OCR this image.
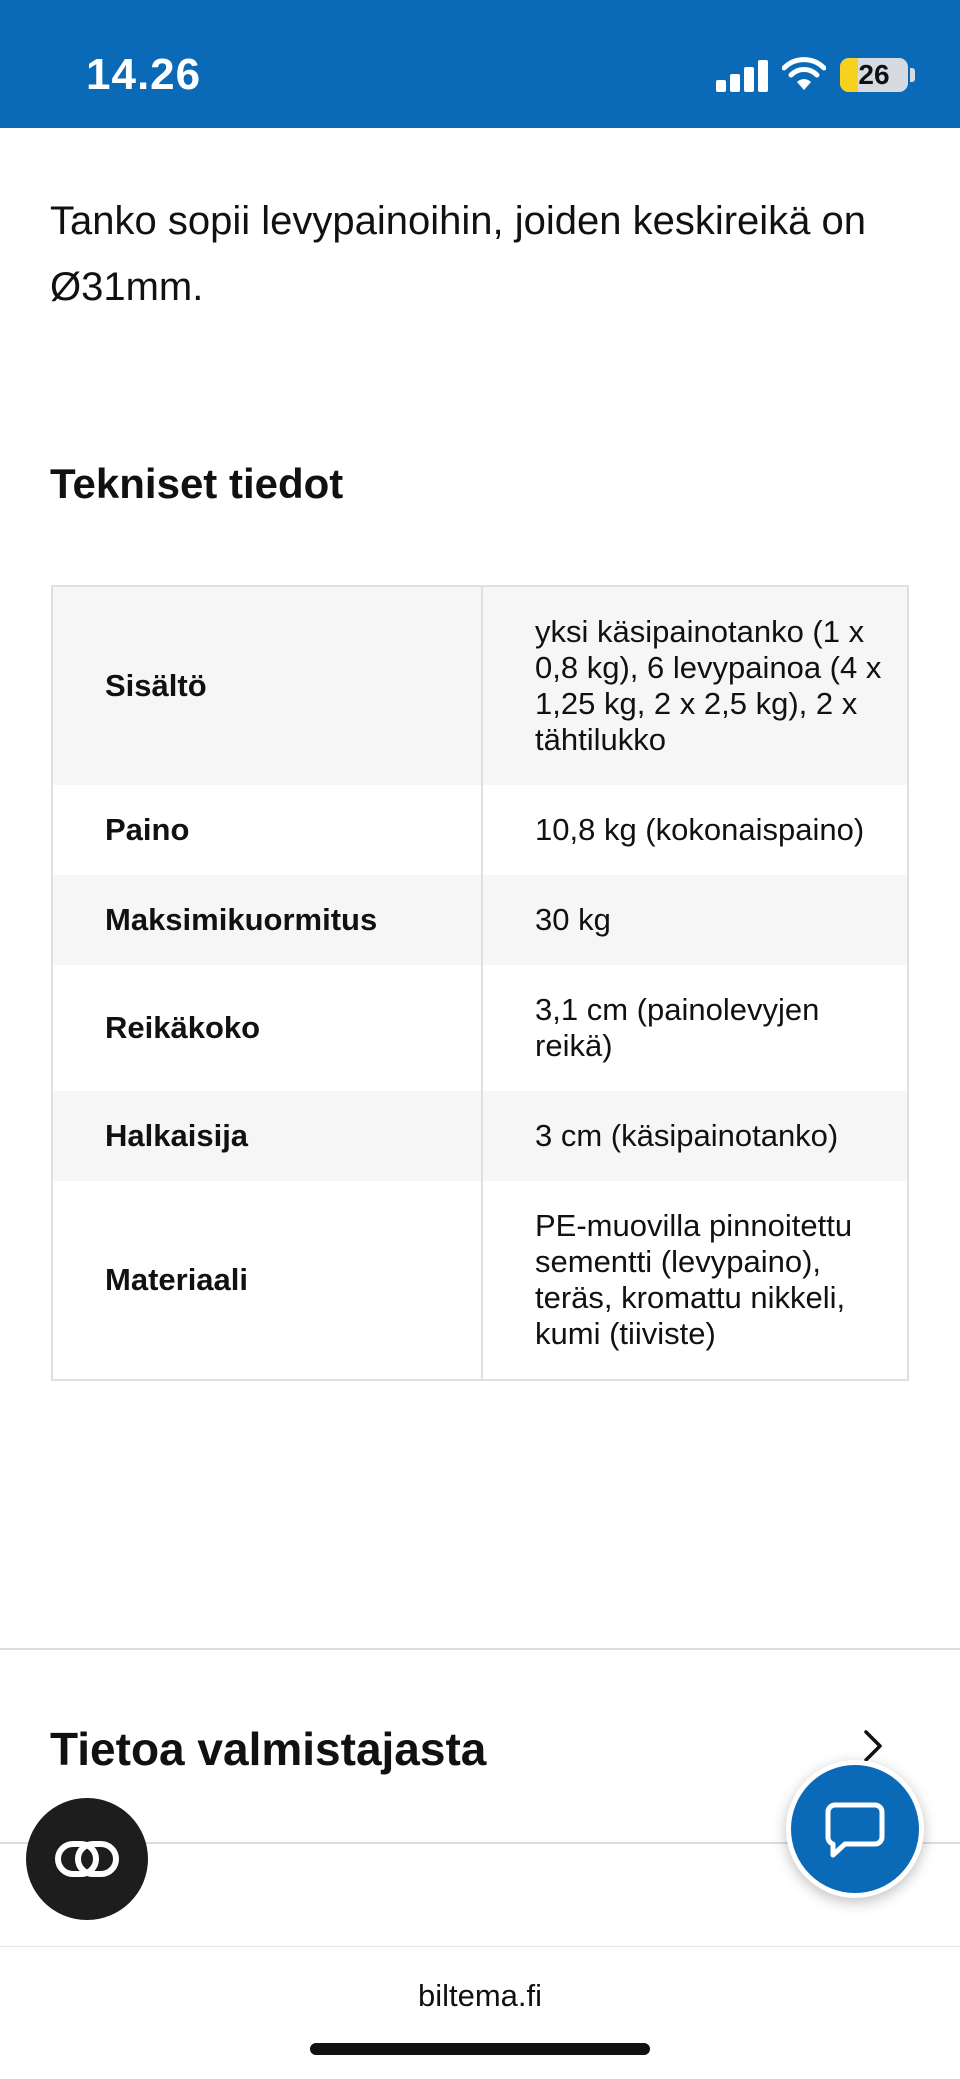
14.26	26

Tanko sopii levypainoihin, joiden keskireikä on Ø31mm.

Tekniset tiedot
Sisältö	yksi käsipainotanko (1 x 0,8 kg), 6 levypainoa (4 x 1,25 kg, 2 x 2,5 kg), 2 x tähtilukko
Paino	10,8 kg (kokonaispaino)
Maksimikuormitus	30 kg
Reikäkoko	3,1 cm (painolevyjen reikä)
Halkaisija	3 cm (käsipainotanko)
Materiaali	PE-muovilla pinnoitettu sementti (levypaino), teräs, kromattu nikkeli, kumi (tiiviste)
Tietoa valmistajasta
biltema.fi
